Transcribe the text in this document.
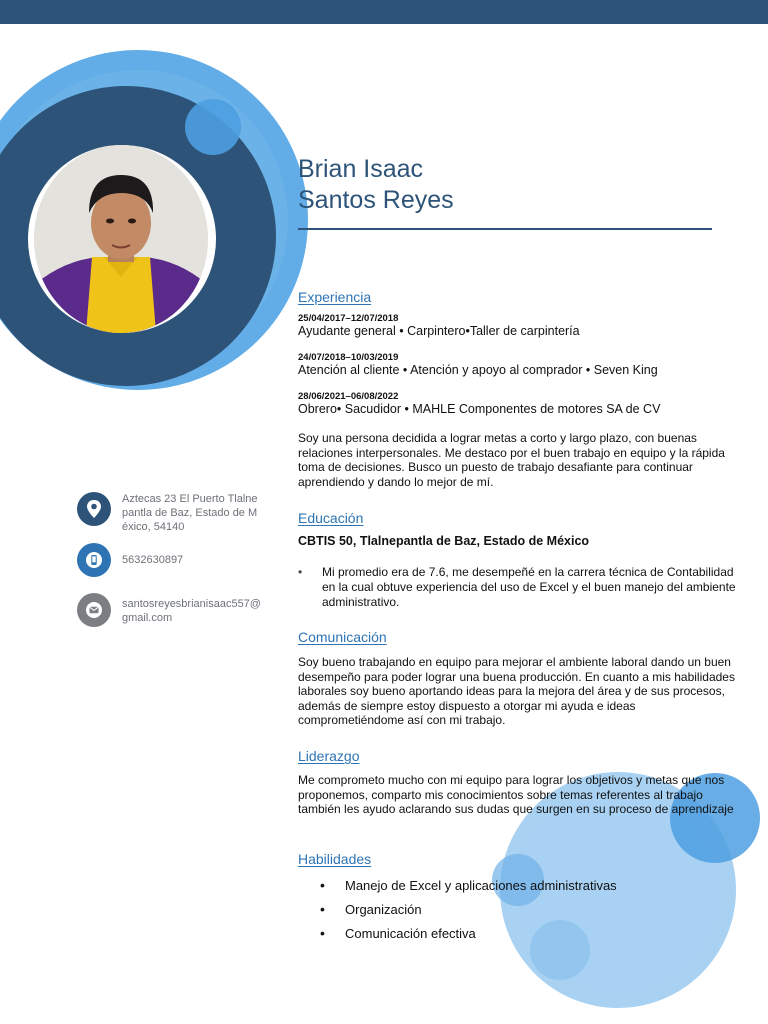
Brian Isaac
Santos Reyes
Aztecas 23 El Puerto Tlalnepantla de Baz, Estado de México, 54140
5632630897
santosreyesbrianisaac557@gmail.com
Experiencia
25/04/2017–12/07/2018
Ayudante general • Carpintero•Taller de carpintería
24/07/2018–10/03/2019
Atención al cliente • Atención y apoyo al comprador • Seven King
28/06/2021–06/08/2022
Obrero• Sacudidor • MAHLE Componentes de motores SA de CV
Soy una persona decidida a lograr metas a corto y largo plazo, con buenas relaciones interpersonales. Me destaco por el buen trabajo en equipo y la rápida toma de decisiones. Busco un puesto de trabajo desafiante para continuar aprendiendo y dando lo mejor de mí.
Educación
CBTIS 50, Tlalnepantla de Baz, Estado de México
• Mi promedio era de 7.6, me desempeñé en la carrera técnica de Contabilidad en la cual obtuve experiencia del uso de Excel y el buen manejo del ambiente administrativo.
Comunicación
Soy bueno trabajando en equipo para mejorar el ambiente laboral dando un buen desempeño para poder lograr una buena producción. En cuanto a mis habilidades laborales soy bueno aportando ideas para la mejora del área y de sus procesos, además de siempre estoy dispuesto a otorgar mi ayuda e ideas comprometiéndome así con mi trabajo.
Liderazgo
Me comprometo mucho con mi equipo para lograr los objetivos y metas que nos proponemos, comparto mis conocimientos sobre temas referentes al trabajo también les ayudo aclarando sus dudas que surgen en su proceso de aprendizaje
Habilidades
• Manejo de Excel y aplicaciones administrativas
• Organización
• Comunicación efectiva
